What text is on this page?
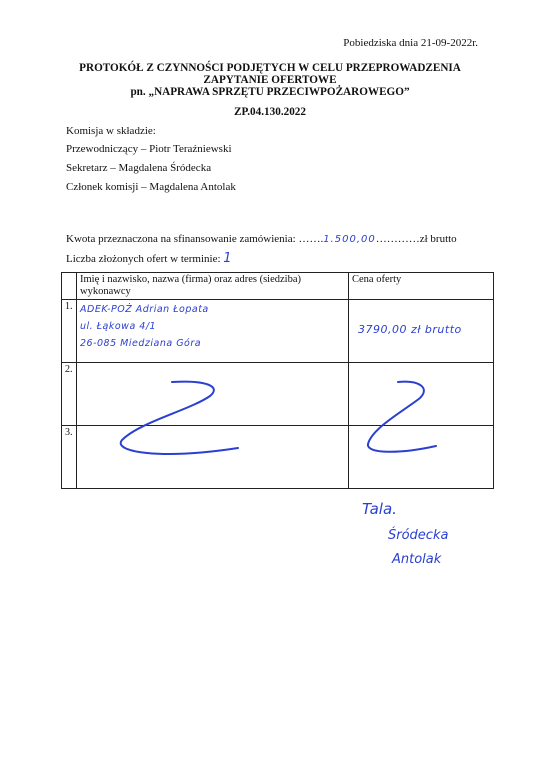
Pobiedziska dnia 21-09-2022r.
PROTOKÓŁ Z CZYNNOŚCI PODJĘTYCH W CELU PRZEPROWADZENIA
ZAPYTANIE OFERTOWE
pn. „NAPRAWA SPRZĘTU PRZECIWPOŻAROWEGO”
ZP.04.130.2022
Komisja w składzie:
Przewodniczący – Piotr Teraźniewski
Sekretarz – Magdalena Śródecka
Członek komisji – Magdalena Antolak
Kwota przeznaczona na sfinansowanie zamówienia: …….1.500,00…………zł brutto
Liczba złożonych ofert w terminie: 1
	Imię i nazwisko, nazwa (firma) oraz adres (siedziba) wykonawcy	Cena oferty
1.	ADEK-POŻ Adrian Łopata
ul. Łąkowa 4/1
26-085 Miedziana Góra	3790,00 zł brutto

2.		
3.		
Tala.
Śródecka
Antolak
